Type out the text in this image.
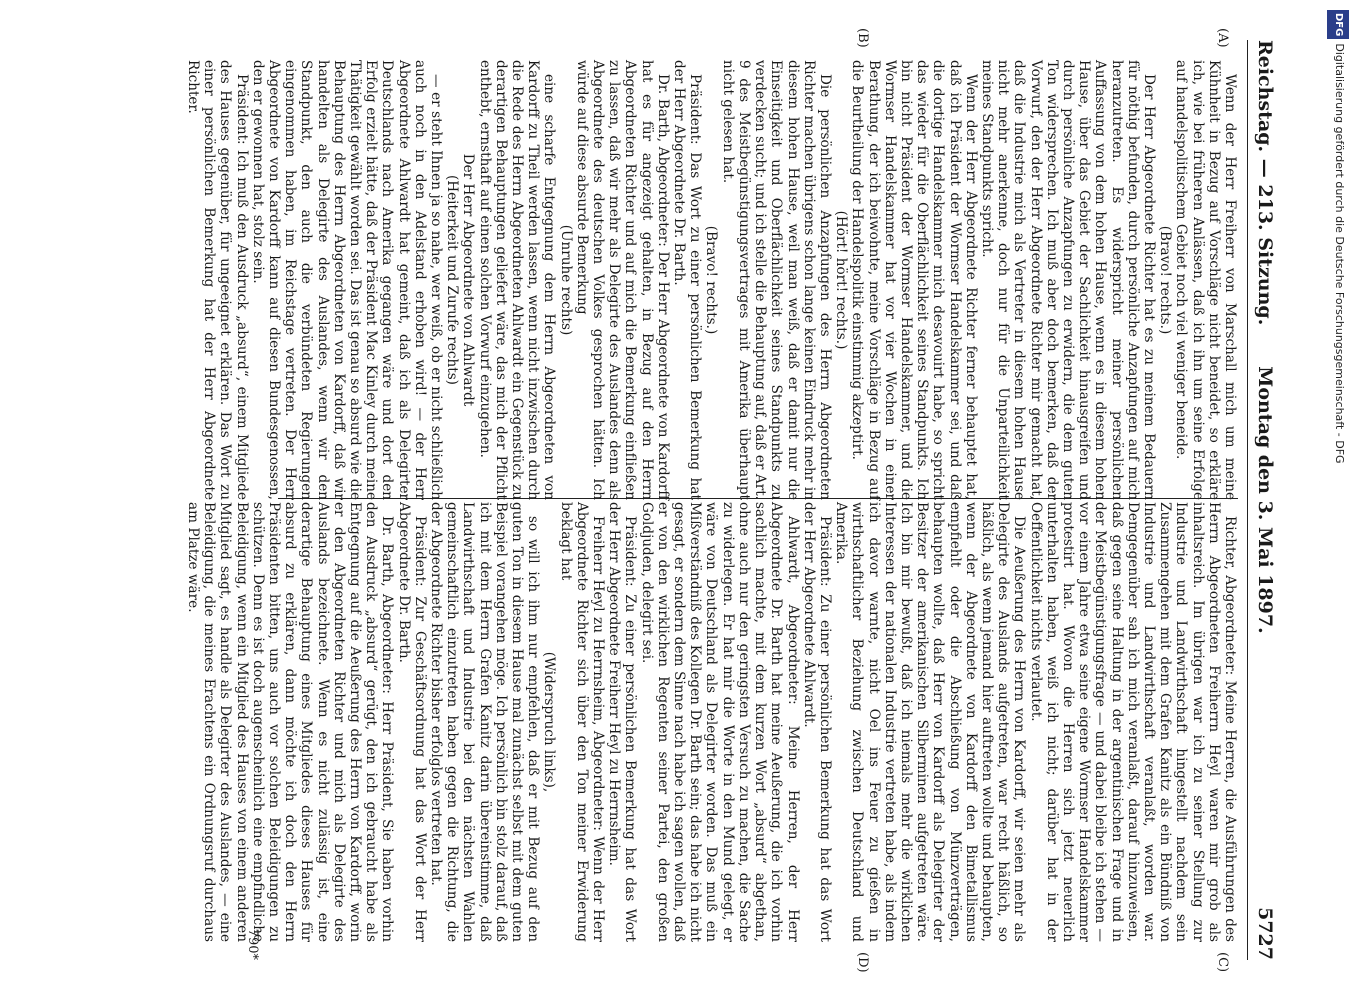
Reichstag. — 213. Sitzung.
Montag den 3. Mai 1897.
5727
(A)
(B)
(C)
(D)

Wenn der Herr Freiherr von Marschall mich um meine Kühnheit in Bezug auf Vorschläge nicht beneidet, so erkläre ich, wie bei früheren Anlässen, daß ich ihn um seine Erfolge auf handelspolitischem Gebiet noch viel weniger beneide.

(Bravo! rechts.)

Der Herr Abgeordnete Richter hat es zu meinem Bedauern für nöthig befunden, durch persönliche Anzapfungen auf mich heranzutreten. Es widerspricht meiner persönlichen Auffassung von dem hohen Hause, wenn es in diesem hohen Hause, über das Gebiet der Sachlichkeit hinausgreifen und durch persönliche Anzapfungen zu erwidern, die dem guten Ton widersprechen. Ich muß aber doch bemerken, daß der Vorwurf, den der Herr Abgeordnete Richter mir gemacht hat, daß die Industrie mich als Vertreter in diesem hohen Hause nicht mehr anerkenne, doch nur für die Unparteilichkeit meines Standpunkts spricht.

Wenn der Herr Abgeordnete Richter ferner behauptet hat, daß ich Präsident der Wormser Handelskammer sei, und daß die dortige Handelskammer mich desavouirt habe, so spricht das wieder für die Oberflächlichkeit seines Standpunkts. Ich bin nicht Präsident der Wormser Handelskammer, und die Wormser Handelskammer hat vor vier Wochen in einer Berathung, der ich beiwohnte, meine Vorschläge in Bezug auf die Beurtheilung der Handelspolitik einstimmig akzeptirt.

(Hört! hört! rechts.)

Die persönlichen Anzapfungen des Herrn Abgeordneten Richter machen übrigens schon lange keinen Eindruck mehr in diesem hohen Hause, weil man weiß, daß er damit nur die Einseitigkeit und Oberflächlichkeit seines Standpunkts zu verdecken sucht; und ich stelle die Behauptung auf, daß er Art. 9 des Meistbegünstigungsvertrages mit Amerika überhaupt nicht gelesen hat.

(Bravo! rechts.)

Präsident: Das Wort zu einer persönlichen Bemerkung hat der Herr Abgeordnete Dr. Barth.

Dr. Barth, Abgeordneter: Der Herr Abgeordnete von Kardorff hat es für angezeigt gehalten, in Bezug auf den Herrn Abgeordneten Richter und auf mich die Bemerkung einfließen zu lassen, daß wir mehr als Delegirte des Auslandes denn als Abgeordnete des deutschen Volkes gesprochen hätten. Ich würde auf diese absurde Bemerkung

(Unruhe rechts)

eine scharfe Entgegnung dem Herrn Abgeordneten von Kardorff zu Theil werden lassen, wenn nicht inzwischen durch die Rede des Herrn Abgeordneten Ahlwardt ein Gegenstück zu derartigen Behauptungen geliefert wäre, das mich der Pflicht enthebt, ernsthaft auf einen solchen Vorwurf einzugehen.

Der Herr Abgeordnete von Ahlwardt

(Heiterkeit und Zurufe rechts)

— er steht Ihnen ja so nahe, wer weiß, ob er nicht schließlich auch noch in den Adelstand erhoben wird! — der Herr Abgeordnete Ahlwardt hat gemeint, daß ich als Delegirter Deutschlands nach Amerika gegangen wäre und dort den Erfolg erzielt hätte, daß der Präsident Mac Kinley durch meine Thätigkeit gewählt worden sei. Das ist genau so absurd wie die Behauptung des Herrn Abgeordneten von Kardorff, daß wir handelten als Delegirte des Auslandes, wenn wir den Standpunkt, den auch die verbündeten Regierungen eingenommen haben, im Reichstage vertreten. Der Herr Abgeordnete von Kardorff kann auf diesen Bundesgenossen, den er gewonnen hat, stolz sein.

Präsident: Ich muß den Ausdruck „absurd“, einem Mitgliede des Hauses gegenüber, für ungeeignet erklären. Das Wort zu einer persönlichen Bemerkung hat der Herr Abgeordnete Richter.

Richter, Abgeordneter: Meine Herren, die Ausführungen des Herrn Abgeordneten Freiherrn Heyl waren mir grob als inhaltsreich. Im übrigen war ich zu seiner Stellung zur Industrie und Landwirthschaft hingestellt nachdem sein Zusammengehen mit dem Grafen Kanitz als ein Bündniß von Industrie und Landwirthschaft veranlaßt, worden war. Demgegenüber sah ich mich veranlaßt, darauf hinzuweisen, daß gegen seine Haltung in der argentinischen Frage und in der Meistbegünstigungsfrage — und dabei bleibe ich stehen — vor einem Jahre etwa seine eigene Wormser Handelskammer protestirt hat. Wovon die Herren sich jetzt neuerlich unterhalten haben, weiß ich nicht; darüber hat in der Oeffentlichkeit nichts verlautet.

Die Aeußerung des Herrn von Kardorff, wir seien mehr als Delegirte des Auslands aufgetreten, war recht häßlich, so häßlich, als wenn jemand hier auftreten wollte und behaupten, wenn der Abgeordnete von Kardorff den Bimetallismus empfiehlt oder die Abschließung von Münzverträgen, behaupten wollte, daß Herr von Kardorff als Delegirter der Besitzer der amerikanischen Silberminen aufgetreten wäre. Ich bin mir bewußt, daß ich niemals mehr die wirklichen Interessen der nationalen Industrie vertreten habe, als indem ich davor warnte, nicht Oel ins Feuer zu gießen in wirthschaftlicher Beziehung zwischen Deutschland und Amerika.

Präsident: Zu einer persönlichen Bemerkung hat das Wort der Herr Abgeordnete Ahlwardt.

Ahlwardt, Abgeordneter: Meine Herren, der Herr Abgeordnete Dr. Barth hat meine Aeußerung, die ich vorhin sachlich machte, mit dem kurzen Wort „absurd“ abgethan, ohne auch nur den geringsten Versuch zu machen, die Sache zu widerlegen. Er hat mir die Worte in den Mund gelegt, er wäre von Deutschland als Delegirter worden. Das muß ein Mißverständniß des Kollegen Dr. Barth sein; das habe ich nicht gesagt, er sondern dem Sinne nach habe ich sagen wollen, daß er von den wirklichen Regenten seiner Partei, den großen Goldjuden, delegirt sei.

Präsident: Zu einer persönlichen Bemerkung hat das Wort der Herr Abgeordnete Freiherr Heyl zu Herrnsheim.

Freiherr Heyl zu Herrnsheim, Abgeordneter: Wenn der Herr Abgeordnete Richter sich über den Ton meiner Erwiderung beklagt hat

(Widerspruch links),

so will ich ihm nur empfehlen, daß er mit Bezug auf den guten Ton in diesem Hause mal zunächst selbst mit dem guten Beispiel vorangehen möge. Ich persönlich bin stolz darauf, daß ich mit dem Herrn Grafen Kanitz darin übereinstimme, daß Landwirthschaft und Industrie bei den nächsten Wahlen gemeinschaftlich einzutreten haben gegen die Richtung, die der Abgeordnete Richter bisher erfolglos vertreten hat.

Präsident: Zur Geschäftsordnung hat das Wort der Herr Abgeordnete Dr. Barth.

Dr. Barth, Abgeordneter: Herr Präsident, Sie haben vorhin den Ausdruck „absurd“ gerügt, den ich gebraucht habe als Entgegnung auf die Aeußerung des Herrn von Kardorff, worin er den Abgeordneten Richter und mich als Delegirte des Auslands bezeichnete. Wenn es nicht zulässig ist, eine derartige Behauptung eines Mitgliedes dieses Hauses für absurd zu erklären, dann möchte ich doch den Herrn Präsidenten bitten, uns auch vor solchen Beleidigungen zu schützen. Denn es ist doch augenscheinlich eine empfindliche Beleidigung, wenn ein Mitglied des Hauses von einem anderen Mitglied sagt, es handle als Delegirter des Auslandes, — eine Beleidigung, die meines Erachtens ein Ordnungsruf durchaus am Platze wäre.

790*
DFGDigitalisierung gefördert durch die Deutsche Forschungsgemeinschaft - DFG
